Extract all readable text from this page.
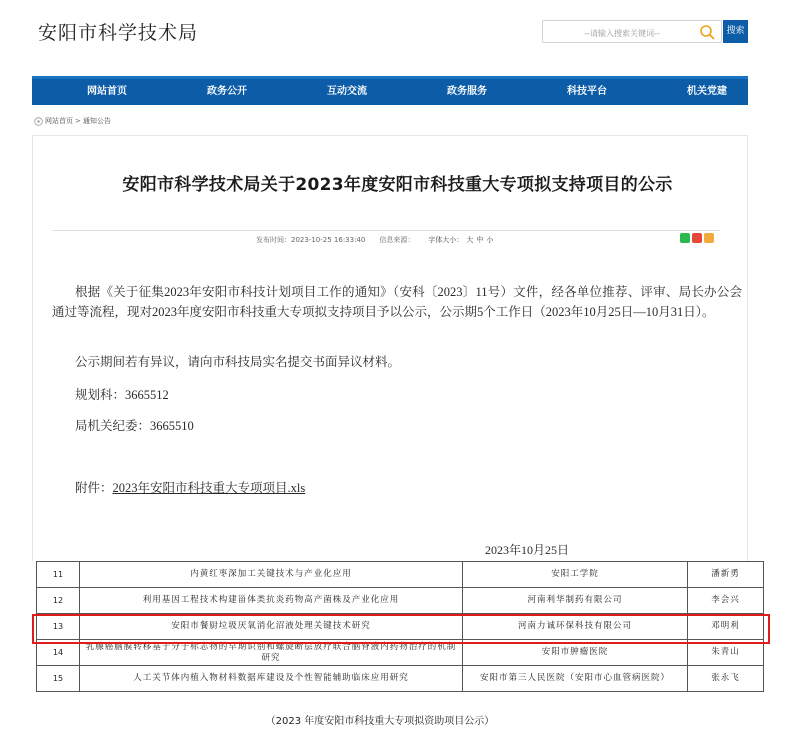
安阳市科学技术局
--请输入搜索关键词--	搜索
网站首页	政务公开	互动交流	政务服务	科技平台	机关党建
网站首页 > 通知公告
安阳市科学技术局关于2023年度安阳市科技重大专项拟支持项目的公示
发布时间：2023-10-25 16:33:40 信息来源： 字体大小： 大 中 小
根据《关于征集2023年安阳市科技计划项目工作的通知》（安科〔2023〕11号）文件，经各单位推荐、评审、局长办公会通过等流程，现对2023年度安阳市科技重大专项拟支持项目予以公示，公示期5个工作日（2023年10月25日—10月31日）。
公示期间若有异议，请向市科技局实名提交书面异议材料。
规划科：3665512
局机关纪委：3665510
附件：2023年安阳市科技重大专项项目.xls
2023年10月25日
11	内黄红枣深加工关键技术与产业化应用	安阳工学院	潘新勇
12	利用基因工程技术构建甾体类抗炎药物高产菌株及产业化应用	河南利华制药有限公司	李会兴
13	安阳市餐厨垃圾厌氧消化沼液处理关键技术研究	河南力诚环保科技有限公司	邓明利
14	乳腺癌脑膜转移基于分子标志物的早期识别和螺旋断层放疗联合脑脊液内药物治疗的机制研究	安阳市肿瘤医院	朱青山
15	人工关节体内植入物材料数据库建设及个性智能辅助临床应用研究	安阳市第三人民医院（安阳市心血管病医院）	张永飞
（2023 年度安阳市科技重大专项拟资助项目公示）
